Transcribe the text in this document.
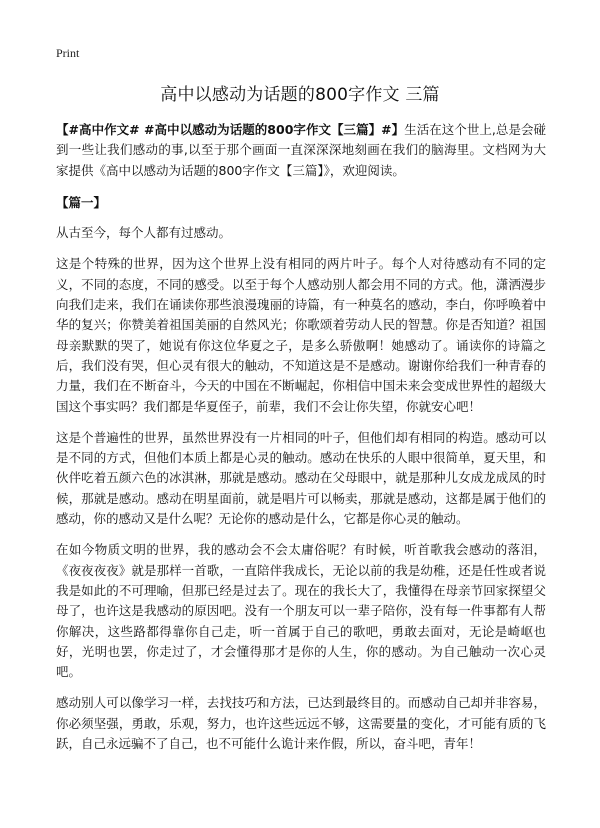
Print
高中以感动为话题的800字作文 三篇

【#高中作文# #高中以感动为话题的800字作文【三篇】#】生活在这个世上,总是会碰到一些让我们感动的事,以至于那个画面一直深深深地刻画在我们的脑海里。文档网为大家提供《高中以感动为话题的800字作文【三篇】》，欢迎阅读。

【篇一】

从古至今，每个人都有过感动。

这是个特殊的世界，因为这个世界上没有相同的两片叶子。每个人对待感动有不同的定义，不同的态度，不同的感受。以至于每个人感动别人都会用不同的方式。他，潇洒漫步向我们走来，我们在诵读你那些浪漫瑰丽的诗篇，有一种莫名的感动，李白，你呼唤着中华的复兴；你赞美着祖国美丽的自然风光；你歌颂着劳动人民的智慧。你是否知道？祖国母亲默默的哭了，她说有你这位华夏之子，是多么骄傲啊！她感动了。诵读你的诗篇之后，我们没有哭，但心灵有很大的触动，不知道这是不是感动。谢谢你给我们一种青春的力量，我们在不断奋斗，今天的中国在不断崛起，你相信中国未来会变成世界性的超级大国这个事实吗？我们都是华夏侄子，前辈，我们不会让你失望，你就安心吧！

这是个普遍性的世界，虽然世界没有一片相同的叶子，但他们却有相同的构造。感动可以是不同的方式，但他们本质上都是心灵的触动。感动在快乐的人眼中很简单，夏天里，和伙伴吃着五颜六色的冰淇淋，那就是感动。感动在父母眼中，就是那种儿女成龙成凤的时候，那就是感动。感动在明星面前，就是唱片可以畅卖，那就是感动，这都是属于他们的感动，你的感动又是什么呢？无论你的感动是什么，它都是你心灵的触动。

在如今物质文明的世界，我的感动会不会太庸俗呢？有时候，听首歌我会感动的落泪，《夜夜夜夜》就是那样一首歌，一直陪伴我成长，无论以前的我是幼稚，还是任性或者说我是如此的不可理喻，但那已经是过去了。现在的我长大了，我懂得在母亲节回家探望父母了，也许这是我感动的原因吧。没有一个朋友可以一辈子陪你，没有每一件事都有人帮你解决，这些路都得靠你自己走，听一首属于自己的歌吧，勇敢去面对，无论是崎岖也好，光明也罢，你走过了，才会懂得那才是你的人生，你的感动。为自己触动一次心灵吧。

感动别人可以像学习一样，去找技巧和方法，已达到最终目的。而感动自己却并非容易，你必须坚强，勇敢，乐观，努力，也许这些远远不够，这需要量的变化，才可能有质的飞跃，自己永远骗不了自己，也不可能什么诡计来作假，所以，奋斗吧，青年！
